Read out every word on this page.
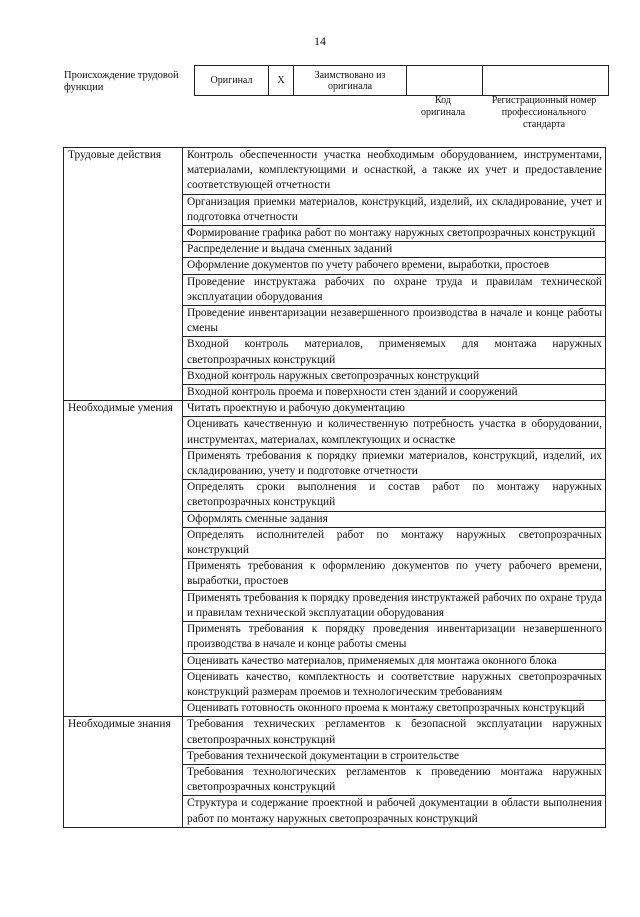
14
Происхождение трудовой функции
Оригинал	X	Заимствовано из оригинала		
Код оригинала
Регистрационный номер профессионального стандарта
Трудовые действия	Контроль обеспеченности участка необходимым оборудованием, инструментами, материалами, комплектующими и оснасткой, а также их учет и предоставление соответствующей отчетности
	Организация приемки материалов, конструкций, изделий, их складирование, учет и подготовка отчетности
	Формирование графика работ по монтажу наружных светопрозрачных конструкций
	Распределение и выдача сменных заданий
	Оформление документов по учету рабочего времени, выработки, простоев
	Проведение инструктажа рабочих по охране труда и правилам технической эксплуатации оборудования
	Проведение инвентаризации незавершенного производства в начале и конце работы смены
	Входной контроль материалов, применяемых для монтажа наружных светопрозрачных конструкций
	Входной контроль наружных светопрозрачных конструкций
	Входной контроль проема и поверхности стен зданий и сооружений
Необходимые умения	Читать проектную и рабочую документацию
	Оценивать качественную и количественную потребность участка в оборудовании, инструментах, материалах, комплектующих и оснастке
	Применять требования к порядку приемки материалов, конструкций, изделий, их складированию, учету и подготовке отчетности
	Определять сроки выполнения и состав работ по монтажу наружных светопрозрачных конструкций
	Оформлять сменные задания
	Определять исполнителей работ по монтажу наружных светопрозрачных конструкций
	Применять требования к оформлению документов по учету рабочего времени, выработки, простоев
	Применять требования к порядку проведения инструктажей рабочих по охране труда и правилам технической эксплуатации оборудования
	Применять требования к порядку проведения инвентаризации незавершенного производства в начале и конце работы смены
	Оценивать качество материалов, применяемых для монтажа оконного блока
	Оценивать качество, комплектность и соответствие наружных светопрозрачных конструкций размерам проемов и технологическим требованиям
	Оценивать готовность оконного проема к монтажу светопрозрачных конструкций
Необходимые знания	Требования технических регламентов к безопасной эксплуатации наружных светопрозрачных конструкций
	Требования технической документации в строительстве
	Требования технологических регламентов к проведению монтажа наружных светопрозрачных конструкций
	Структура и содержание проектной и рабочей документации в области выполнения работ по монтажу наружных светопрозрачных конструкций
